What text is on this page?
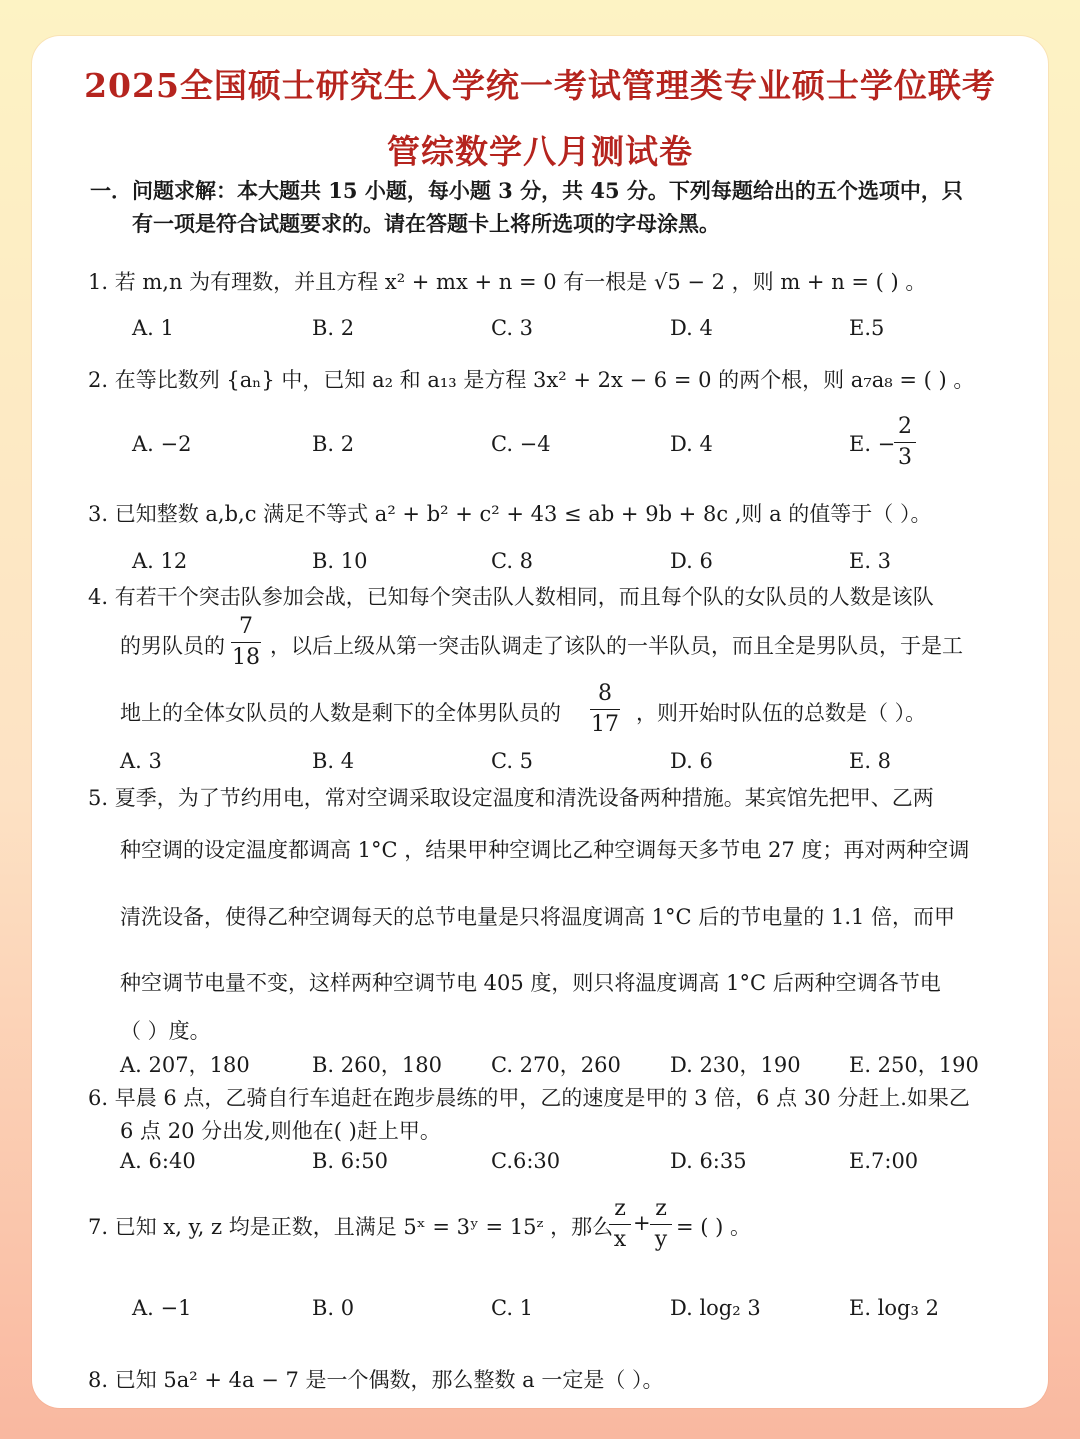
2025全国硕士研究生入学统一考试管理类专业硕士学位联考
管综数学八月测试卷
一．问题求解：本大题共 15 小题，每小题 3 分，共 45 分。下列每题给出的五个选项中，只
有一项是符合试题要求的。请在答题卡上将所选项的字母涂黑。
1. 若 m,n 为有理数，并且方程 x² + mx + n = 0 有一根是 √5 − 2 ，则 m + n = ( ) 。
A. 1	B. 2	C. 3	D. 4	E.5
2. 在等比数列 {aₙ} 中，已知 a₂ 和 a₁₃ 是方程 3x² + 2x − 6 = 0 的两个根，则 a₇a₈ = ( ) 。
A. −2	B. 2	C. −4	D. 4	E. −
$\frac{2}{3}$
3. 已知整数 a,b,c 满足不等式 a² + b² + c² + 43 ≤ ab + 9b + 8c ,则 a 的值等于（ ）。
A. 12	B. 10	C. 8	D. 6	E. 3
4. 有若干个突击队参加会战，已知每个突击队人数相同，而且每个队的女队员的人数是该队
的男队员的 $\frac{7}{18}$ ，以后上级从第一突击队调走了该队的一半队员，而且全是男队员，于是工
地上的全体女队员的人数是剩下的全体男队员的 $\frac{8}{17}$ ，则开始时队伍的总数是（ ）。
A. 3	B. 4	C. 5	D. 6	E. 8
5. 夏季，为了节约用电，常对空调采取设定温度和清洗设备两种措施。某宾馆先把甲、乙两
种空调的设定温度都调高 1°C ，结果甲种空调比乙种空调每天多节电 27 度；再对两种空调
清洗设备，使得乙种空调每天的总节电量是只将温度调高 1°C 后的节电量的 1.1 倍，而甲
种空调节电量不变，这样两种空调节电 405 度，则只将温度调高 1°C 后两种空调各节电
（ ）度。
A. 207，180	B. 260，180 C. 270，260 D. 230，190 E. 250，190
6. 早晨 6 点，乙骑自行车追赶在跑步晨练的甲，乙的速度是甲的 3 倍，6 点 30 分赶上.如果乙
6 点 20 分出发,则他在( )赶上甲。
A. 6:40	B. 6:50	C.6:30	D. 6:35	E.7:00
7. 已知 x, y, z 均是正数，且满足 5ˣ = 3ʸ = 15ᶻ ，那么
$\frac{z}{x} + \frac{z}{y}$ = ( ) 。
A. −1	B. 0	C. 1	D. log₂ 3	E. log₃ 2
8. 已知 5a² + 4a − 7 是一个偶数，那么整数 a 一定是（ ）。
